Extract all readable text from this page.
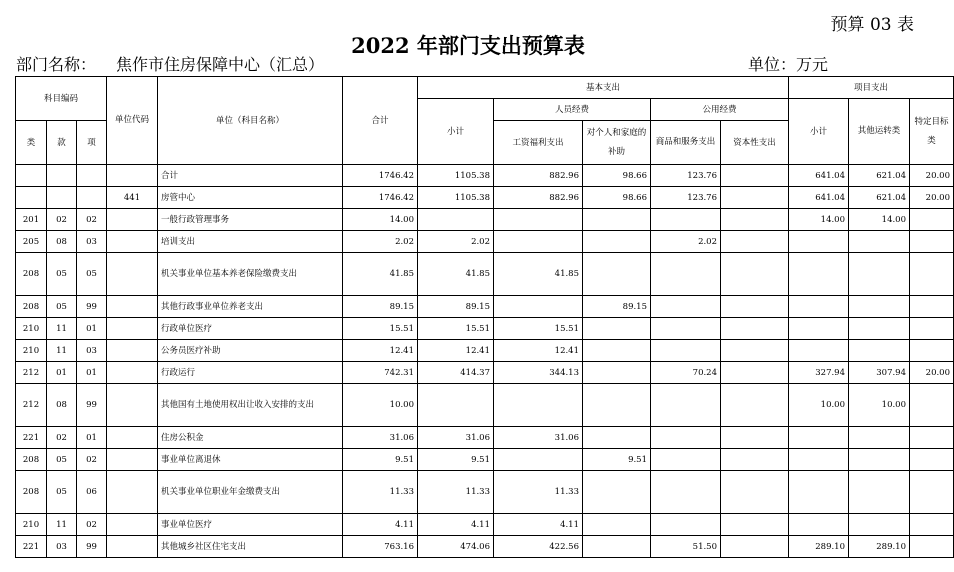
预算 03 表
2022 年部门支出预算表
部门名称： 焦作市住房保障中心（汇总）	单位：万元
科目编码			单位代码	单位（科目名称）	合计	基本支出					项目支出		
						小计	人员经费		公用经费		小计	其他运转类	特定目标类
类	款	项					工资福利支出	对个人和家庭的补助	商品和服务支出	资本性支出			

				合计	1746.42	1105.38	882.96	98.66	123.76		641.04	621.04	20.00
			441	房管中心	1746.42	1105.38	882.96	98.66	123.76		641.04	621.04	20.00
201	02	02		一般行政管理事务	14.00						14.00	14.00	
205	08	03		培训支出	2.02	2.02			2.02				
208	05	05		机关事业单位基本养老保险缴费支出	41.85	41.85	41.85						
208	05	99		其他行政事业单位养老支出	89.15	89.15		89.15					
210	11	01		行政单位医疗	15.51	15.51	15.51						
210	11	03		公务员医疗补助	12.41	12.41	12.41						
212	01	01		行政运行	742.31	414.37	344.13		70.24		327.94	307.94	20.00
212	08	99		其他国有土地使用权出让收入安排的支出	10.00						10.00	10.00	
221	02	01		住房公积金	31.06	31.06	31.06						
208	05	02		事业单位离退休	9.51	9.51		9.51					
208	05	06		机关事业单位职业年金缴费支出	11.33	11.33	11.33						
210	11	02		事业单位医疗	4.11	4.11	4.11						
221	03	99		其他城乡社区住宅支出	763.16	474.06	422.56		51.50		289.10	289.10	
